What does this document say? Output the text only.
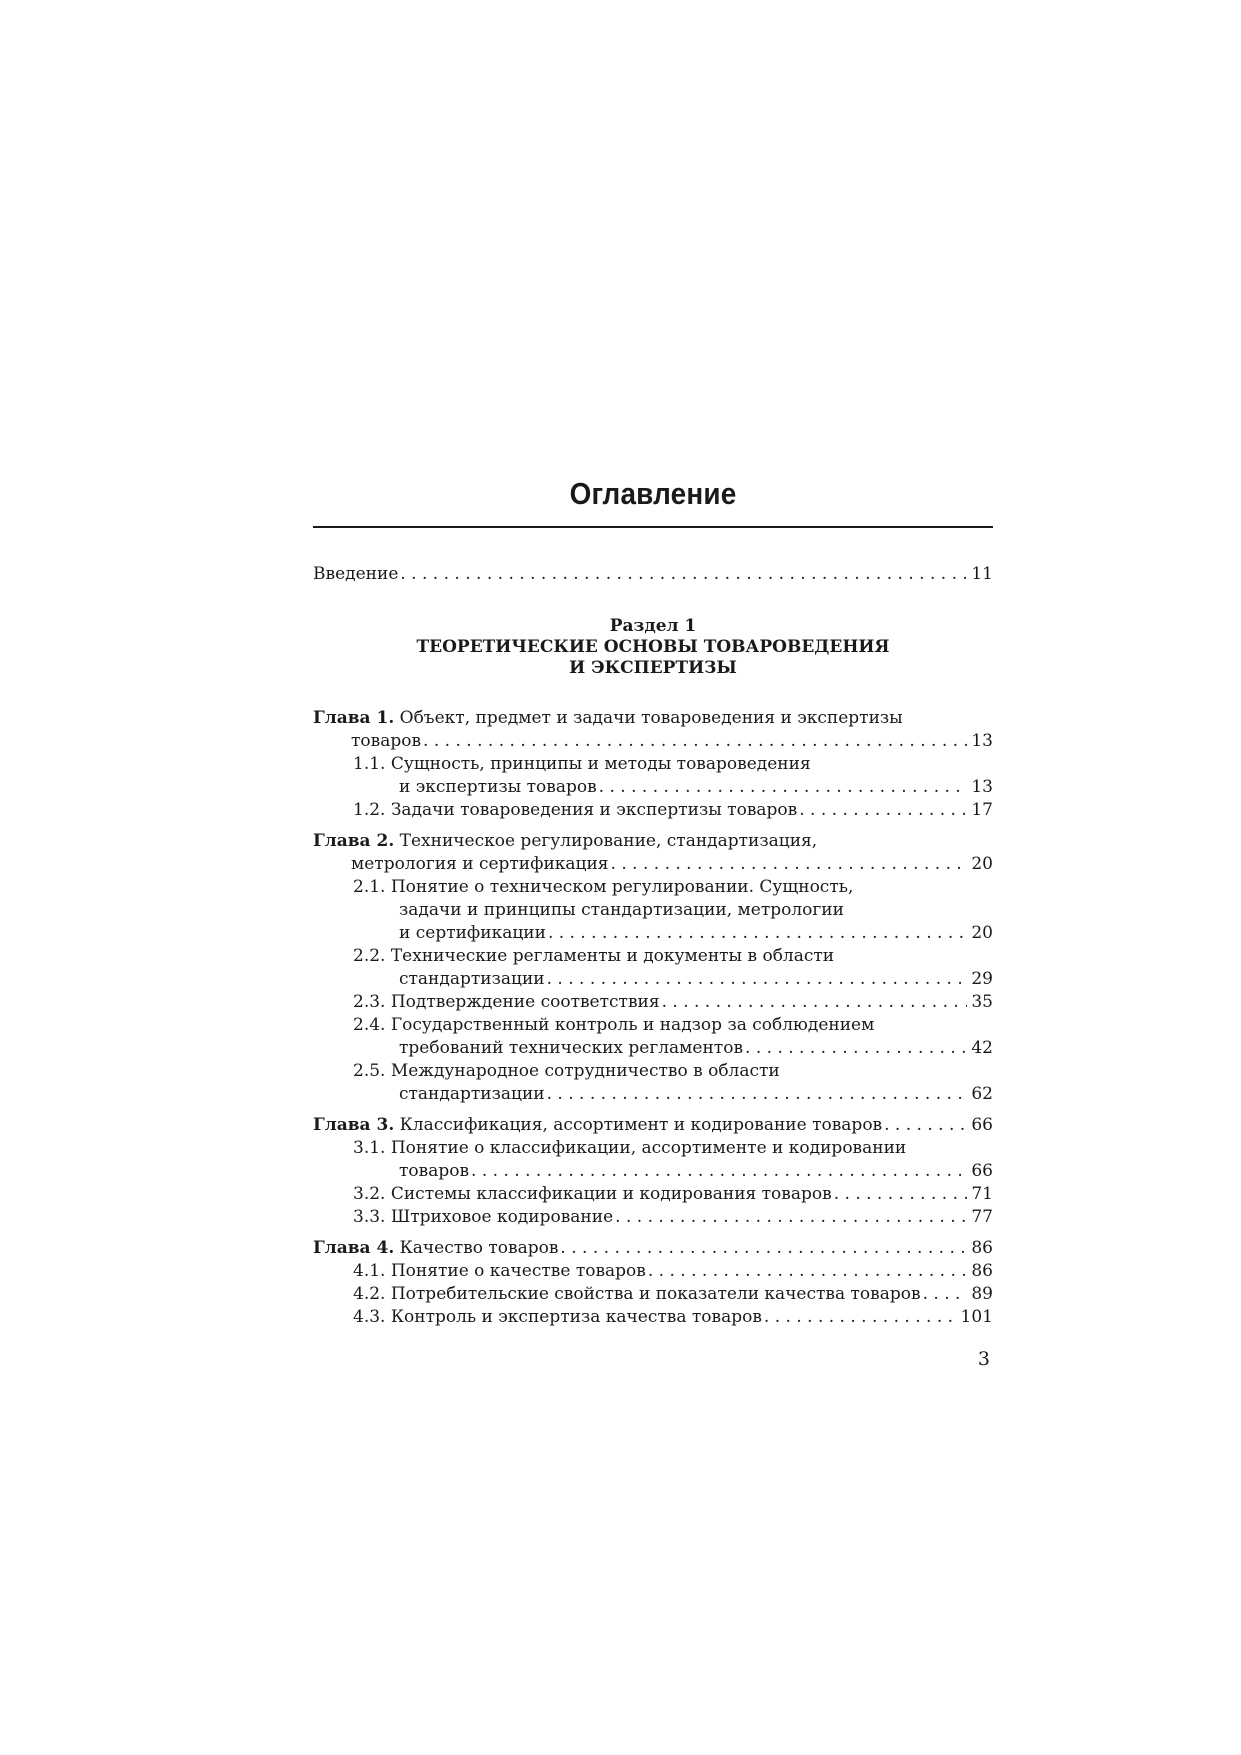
Оглавление
Введение . . .	11
Раздел 1
ТЕОРЕТИЧЕСКИЕ ОСНОВЫ ТОВАРОВЕДЕНИЯ
И ЭКСПЕРТИЗЫ
Глава 1. Объект, предмет и задачи товароведения и экспертизы
товаров . . .	13
1.1. Сущность, принципы и методы товароведения
и экспертизы товаров . . .	13
1.2. Задачи товароведения и экспертизы товаров . . .	17
Глава 2. Техническое регулирование, стандартизация,
метрология и сертификация . . .	20
2.1. Понятие о техническом регулировании. Сущность,
задачи и принципы стандартизации, метрологии
и сертификации . . .	20
2.2. Технические регламенты и документы в области
стандартизации . . .	29
2.3. Подтверждение соответствия . . .	35
2.4. Государственный контроль и надзор за соблюдением
требований технических регламентов . . .	42
2.5. Международное сотрудничество в области
стандартизации . . .	62
Глава 3. Классификация, ассортимент и кодирование товаров . . .	66
3.1. Понятие о классификации, ассортименте и кодировании
товаров . . .	66
3.2. Системы классификации и кодирования товаров . . .	71
3.3. Штриховое кодирование . . .	77
Глава 4. Качество товаров . . .	86
4.1. Понятие о качестве товаров . . .	86
4.2. Потребительские свойства и показатели качества товаров . . .	89
4.3. Контроль и экспертиза качества товаров . . .	101
3
